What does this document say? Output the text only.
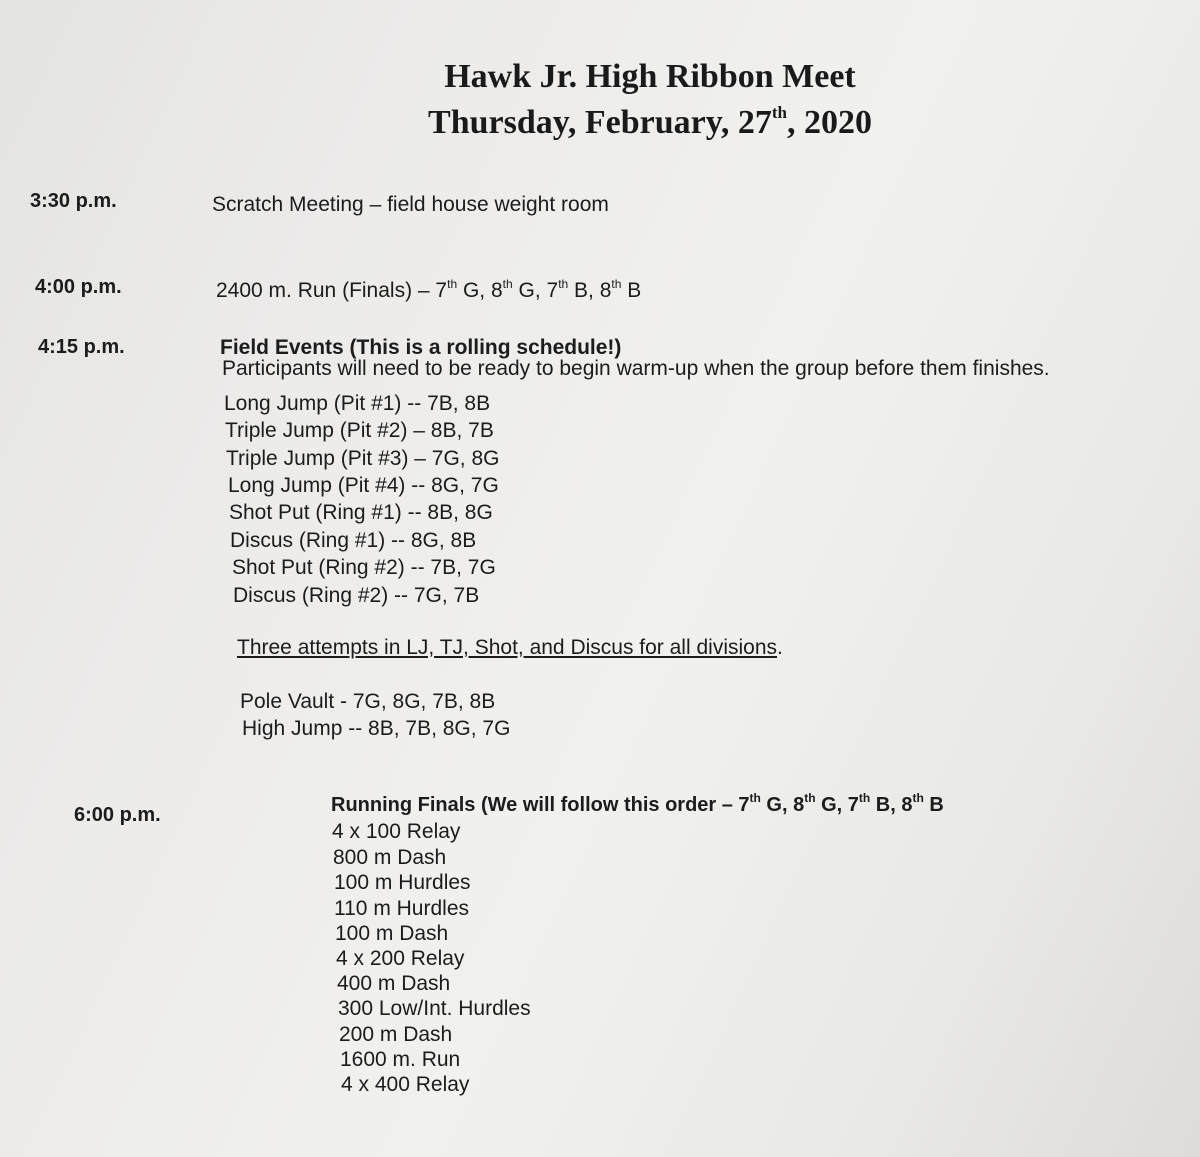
Hawk Jr. High Ribbon Meet
Thursday, February, 27th, 2020
3:30 p.m.	Scratch Meeting – field house weight room
4:00 p.m.	2400 m. Run (Finals) – 7th G, 8th G, 7th B, 8th B
4:15 p.m.	Field Events (This is a rolling schedule!)
Participants will need to be ready to begin warm-up when the group before them finishes.
Long Jump (Pit #1) -- 7B, 8B
Triple Jump (Pit #2) – 8B, 7B
Triple Jump (Pit #3) – 7G, 8G
Long Jump (Pit #4) -- 8G, 7G
Shot Put (Ring #1) -- 8B, 8G
Discus (Ring #1) -- 8G, 8B
Shot Put (Ring #2) -- 7B, 7G
Discus (Ring #2) -- 7G, 7B
Three attempts in LJ, TJ, Shot, and Discus for all divisions.
Pole Vault - 7G, 8G, 7B, 8B
High Jump -- 8B, 7B, 8G, 7G
6:00 p.m.	Running Finals (We will follow this order – 7th G, 8th G, 7th B, 8th B
4 x 100 Relay
800 m Dash
100 m Hurdles
110 m Hurdles
100 m Dash
4 x 200 Relay
400 m Dash
300 Low/Int. Hurdles
200 m Dash
1600 m. Run
4 x 400 Relay
